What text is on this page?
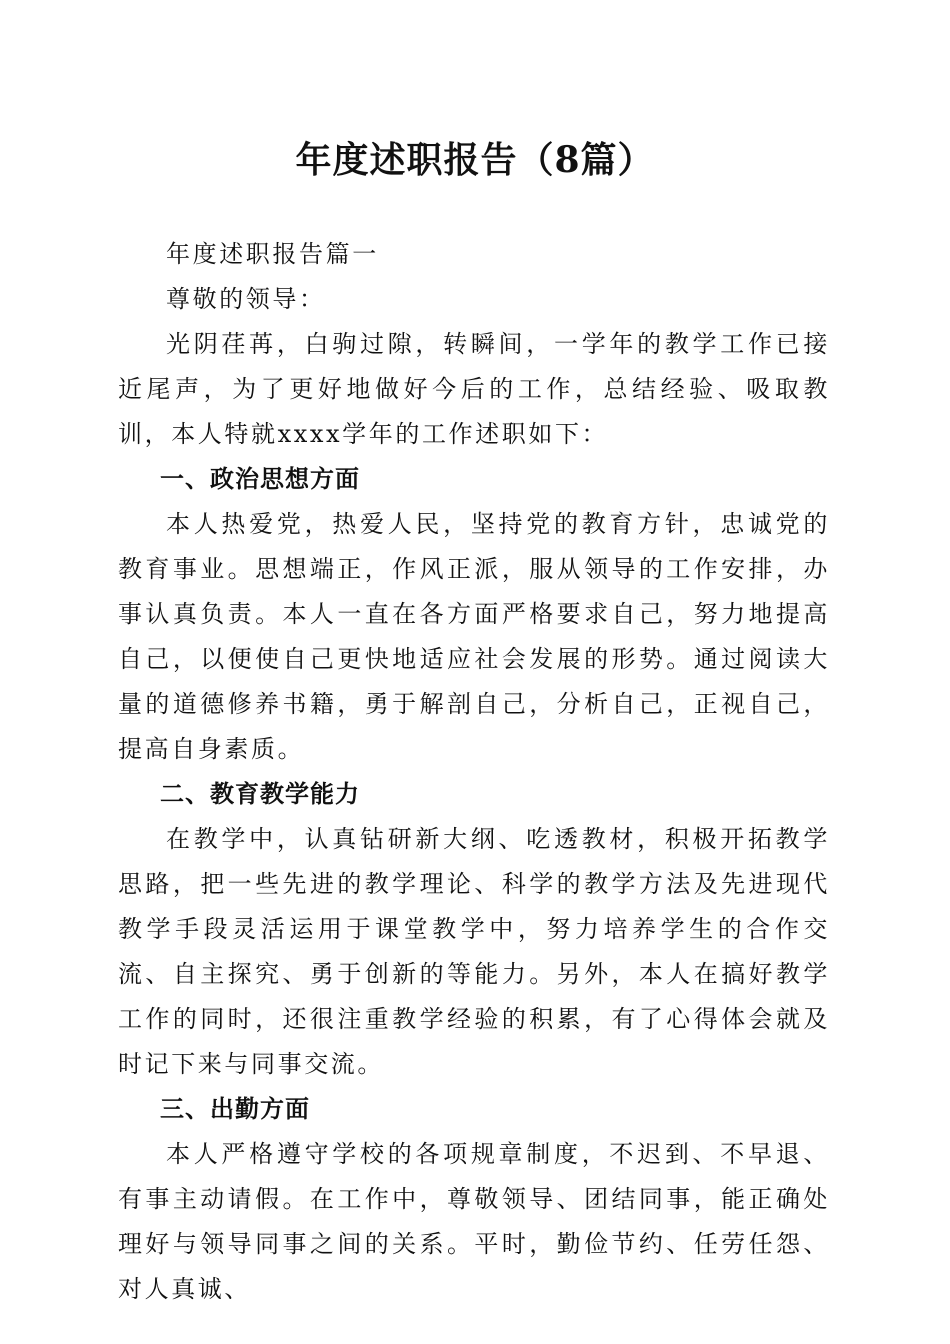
年度述职报告（8篇）

年度述职报告篇一

尊敬的领导：

光阴荏苒，白驹过隙，转瞬间，一学年的教学工作已接近尾声，为了更好地做好今后的工作，总结经验、吸取教训，本人特就xxxx学年的工作述职如下：

一、政治思想方面

本人热爱党，热爱人民，坚持党的教育方针，忠诚党的教育事业。思想端正，作风正派，服从领导的工作安排，办事认真负责。本人一直在各方面严格要求自己，努力地提高自己，以便使自己更快地适应社会发展的形势。通过阅读大量的道德修养书籍，勇于解剖自己，分析自己，正视自己，提高自身素质。

二、教育教学能力

在教学中，认真钻研新大纲、吃透教材，积极开拓教学思路，把一些先进的教学理论、科学的教学方法及先进现代教学手段灵活运用于课堂教学中，努力培养学生的合作交流、自主探究、勇于创新的等能力。另外，本人在搞好教学工作的同时，还很注重教学经验的积累，有了心得体会就及时记下来与同事交流。

三、出勤方面

本人严格遵守学校的各项规章制度，不迟到、不早退、有事主动请假。在工作中，尊敬领导、团结同事，能正确处理好与领导同事之间的关系。平时，勤俭节约、任劳任怨、对人真诚、
